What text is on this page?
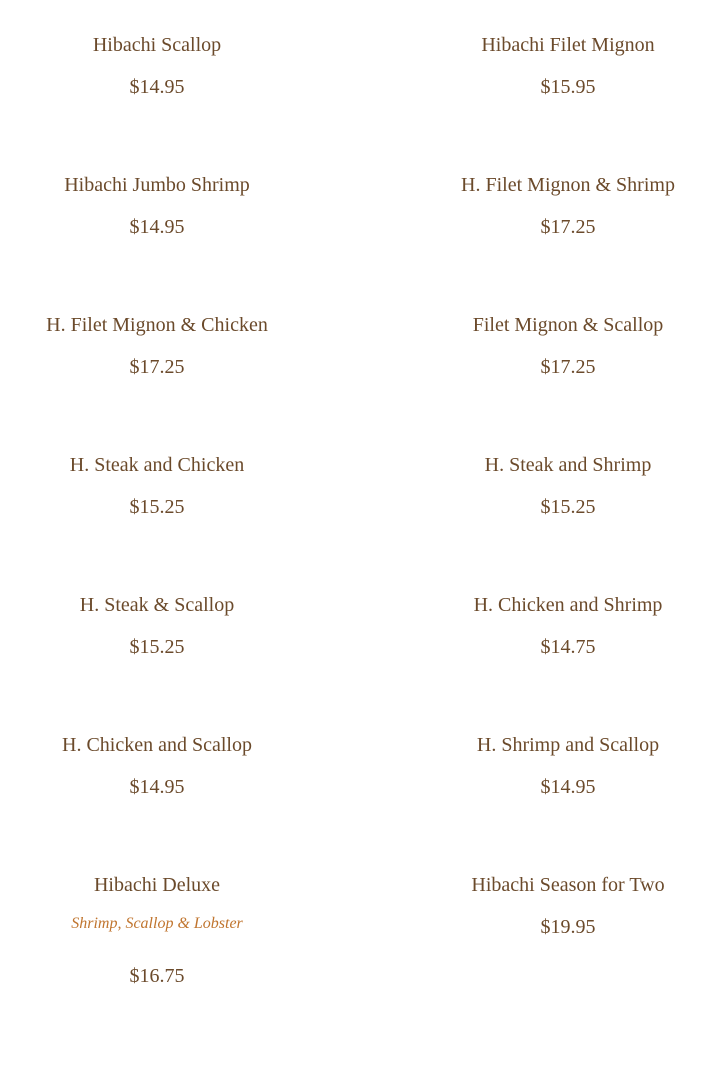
Hibachi Scallop
$14.95
Hibachi Filet Mignon
$15.95
Hibachi Jumbo Shrimp
$14.95
H. Filet Mignon & Shrimp
$17.25
H. Filet Mignon & Chicken
$17.25
Filet Mignon & Scallop
$17.25
H. Steak and Chicken
$15.25
H. Steak and Shrimp
$15.25
H. Steak & Scallop
$15.25
H. Chicken and Shrimp
$14.75
H. Chicken and Scallop
$14.95
H. Shrimp and Scallop
$14.95
Hibachi Deluxe
Shrimp, Scallop & Lobster
$16.75
Hibachi Season for Two
$19.95
